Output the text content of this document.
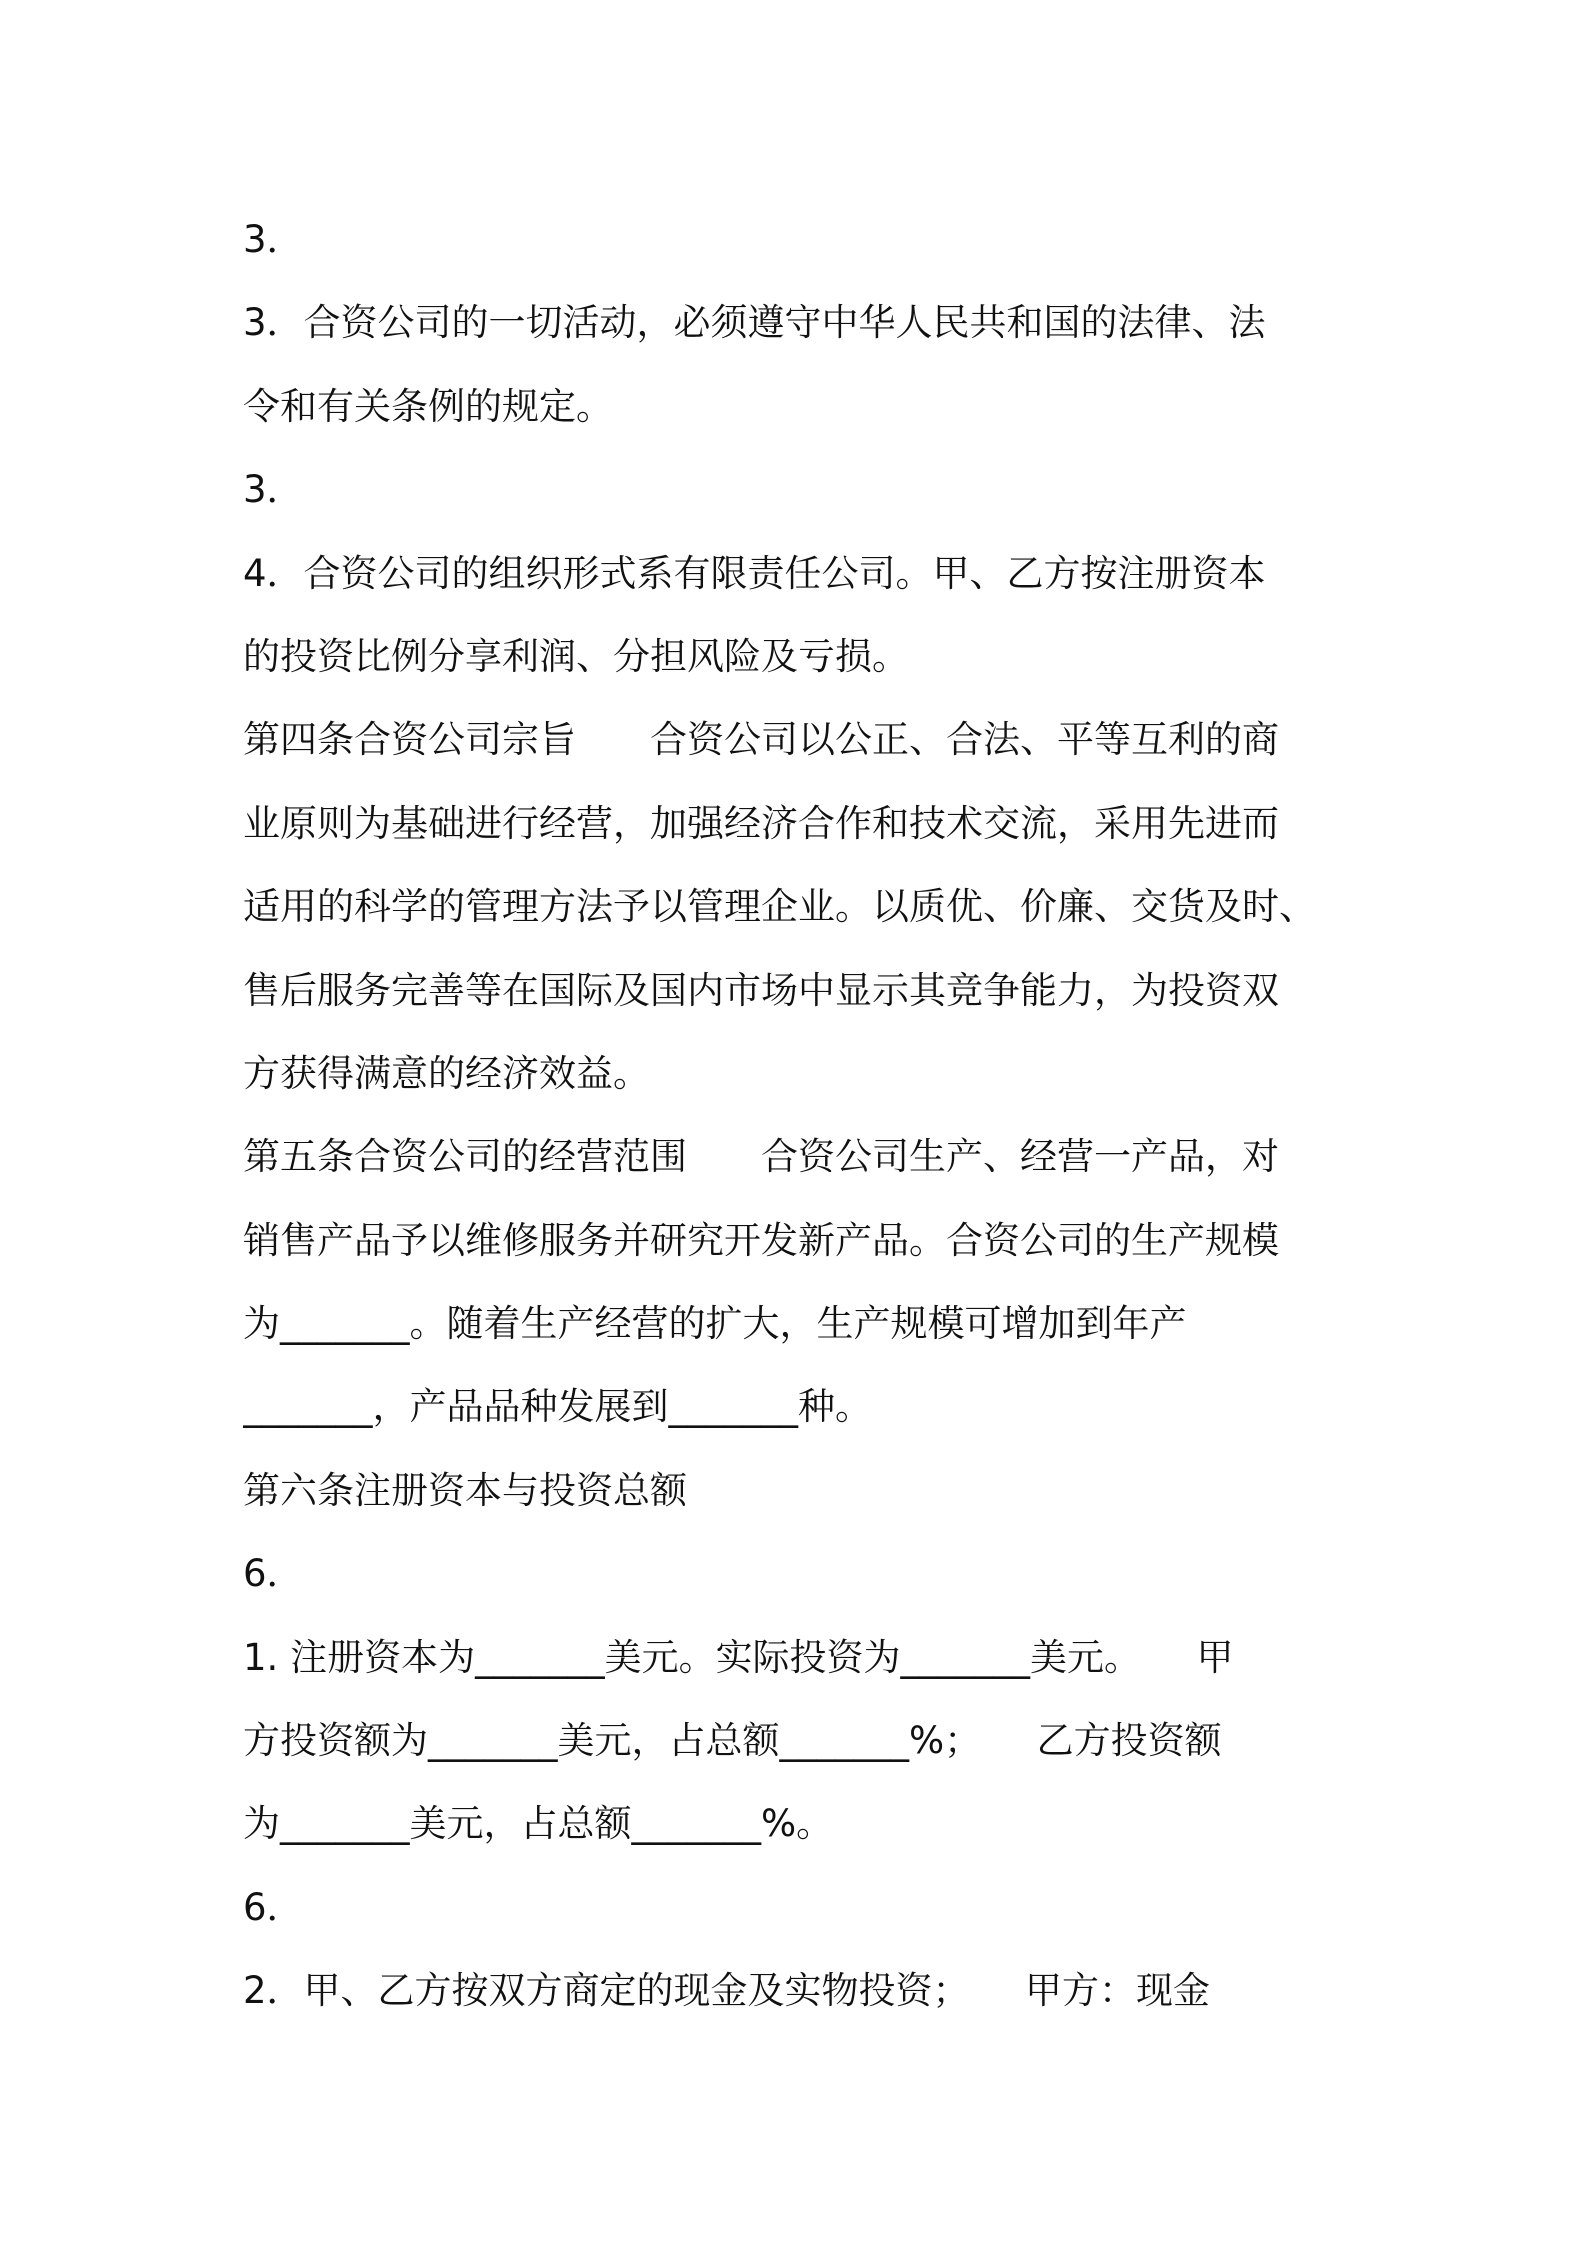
3．
3．合资公司的一切活动，必须遵守中华人民共和国的法律、法
令和有关条例的规定。
3．
4．合资公司的组织形式系有限责任公司。甲、乙方按注册资本
的投资比例分享利润、分担风险及亏损。
第四条合资公司宗旨　　合资公司以公正、合法、平等互利的商
业原则为基础进行经营，加强经济合作和技术交流，采用先进而
适用的科学的管理方法予以管理企业。以质优、价廉、交货及时、
售后服务完善等在国际及国内市场中显示其竞争能力，为投资双
方获得满意的经济效益。
第五条合资公司的经营范围　　合资公司生产、经营一产品，对
销售产品予以维修服务并研究开发新产品。合资公司的生产规模
为_______。随着生产经营的扩大，生产规模可增加到年产
_______，产品品种发展到_______种。
第六条注册资本与投资总额
6．
1. 注册资本为_______美元。实际投资为_______美元。　　甲
方投资额为_______美元，占总额_______%；　　乙方投资额
为_______美元，占总额_______%。
6．
2．甲、乙方按双方商定的现金及实物投资；　　甲方：现金
